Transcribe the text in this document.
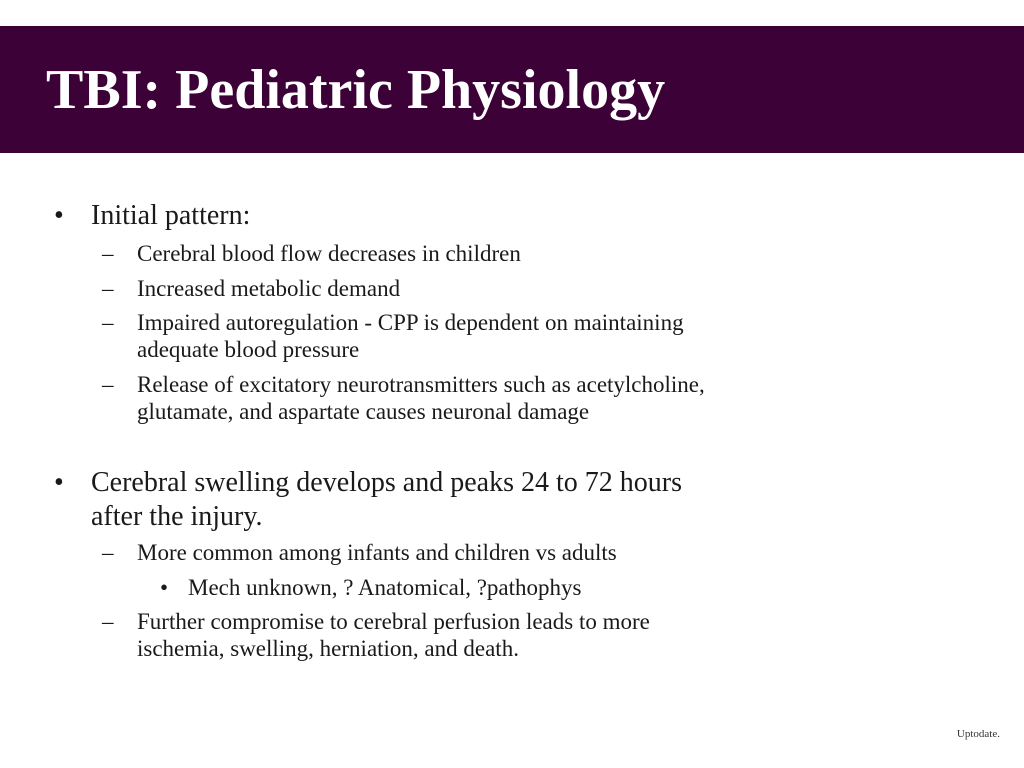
TBI: Pediatric Physiology
• Initial pattern:
– Cerebral blood flow decreases in children
– Increased metabolic demand
– Impaired autoregulation - CPP is dependent on maintaining
adequate blood pressure
– Release of excitatory neurotransmitters such as acetylcholine,
glutamate, and aspartate causes neuronal damage
• Cerebral swelling develops and peaks 24 to 72 hours
after the injury.
– More common among infants and children vs adults
• Mech unknown, ? Anatomical, ?pathophys
– Further compromise to cerebral perfusion leads to more
ischemia, swelling, herniation, and death.
Uptodate.
